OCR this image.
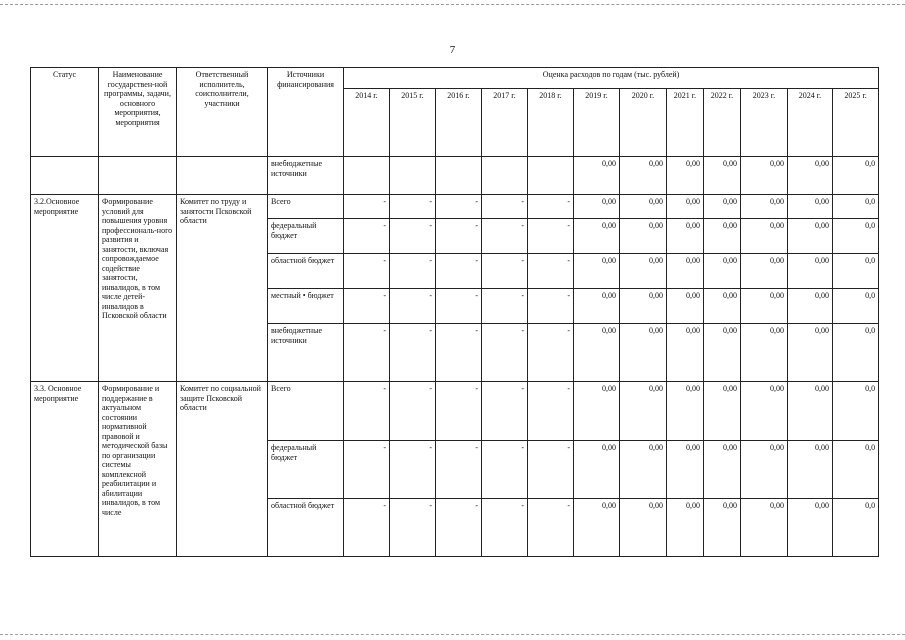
7
Статус	Наименование государствен-ной программы, задачи, основного мероприятия, мероприятия	Ответственный исполнитель, соисполнители, участники	Источники финансирования	Оценка расходов по годам (тыс. рублей)											
				2014 г.	2015 г.	2016 г.	2017 г.	2018 г.	2019 г.	2020 г.	2021 г.	2022 г.	2023 г.	2024 г.	2025 г.
			внебюджетные источники						0,00	0,00	0,00	0,00	0,00	0,00	0,0
3.2.Основное мероприятие	Формирование условий для повышения уровня профессиональ-ного развития и занятости, включая сопровождаемое содействие занятости, инвалидов, в том числе детей-инвалидов в Псковской области	Комитет по труду и занятости Псковской области	Всего	-	-	-	-	-	0,00	0,00	0,00	0,00	0,00	0,00	0,0
			федеральный бюджет	-	-	-	-	-	0,00	0,00	0,00	0,00	0,00	0,00	0,0
			областной бюджет	-	-	-	-	-	0,00	0,00	0,00	0,00	0,00	0,00	0,0
			местный • бюджет	-	-	-	-	-	0,00	0,00	0,00	0,00	0,00	0,00	0,0
			внебюджетные источники	-	-	-	-	-	0,00	0,00	0,00	0,00	0,00	0,00	0,0
3.3. Основное мероприятие	Формирование и поддержание в актуальном состоянии нормативной правовой и методической базы по организации системы комплексной реабилитации и абилитации инвалидов, в том числе	Комитет по социальной защите Псковской области	Всего	-	-	-	-	-	0,00	0,00	0,00	0,00	0,00	0,00	0,0
			федеральный бюджет	-	-	-	-	-	0,00	0,00	0,00	0,00	0,00	0,00	0,0
			областной бюджет	-	-	-	-	-	0,00	0,00	0,00	0,00	0,00	0,00	0,0
